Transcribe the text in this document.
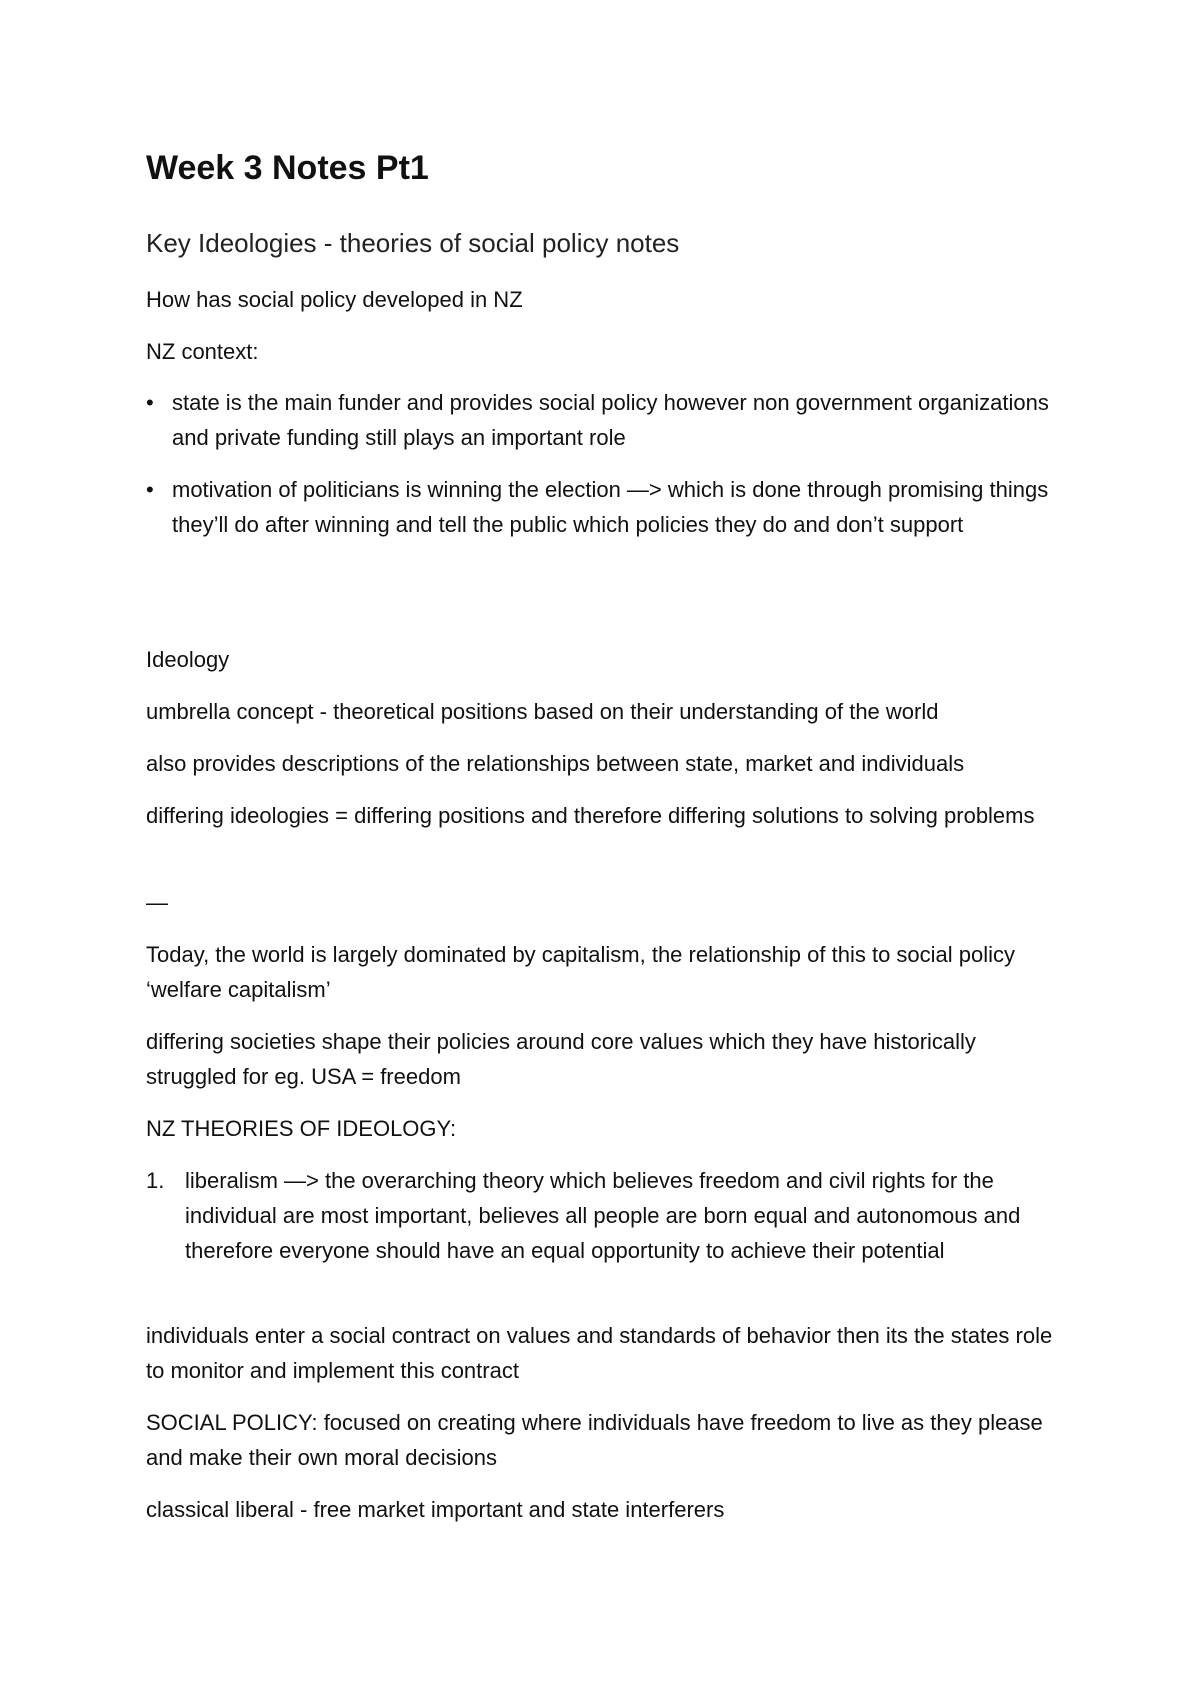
Week 3 Notes Pt1
Key Ideologies - theories of social policy notes

How has social policy developed in NZ

NZ context:

• state is the main funder and provides social policy however non government organizations and private funding still plays an important role
• motivation of politicians is winning the election —> which is done through promising things they’ll do after winning and tell the public which policies they do and don’t support

Ideology

umbrella concept - theoretical positions based on their understanding of the world

also provides descriptions of the relationships between state, market and individuals

differing ideologies = differing positions and therefore differing solutions to solving problems

—

Today, the world is largely dominated by capitalism, the relationship of this to social policy ‘welfare capitalism’

differing societies shape their policies around core values which they have historically struggled for eg. USA = freedom

NZ THEORIES OF IDEOLOGY:

1. liberalism —> the overarching theory which believes freedom and civil rights for the individual are most important, believes all people are born equal and autonomous and therefore everyone should have an equal opportunity to achieve their potential

individuals enter a social contract on values and standards of behavior then its the states role to monitor and implement this contract

SOCIAL POLICY: focused on creating where individuals have freedom to live as they please and make their own moral decisions

classical liberal - free market important and state interferers
